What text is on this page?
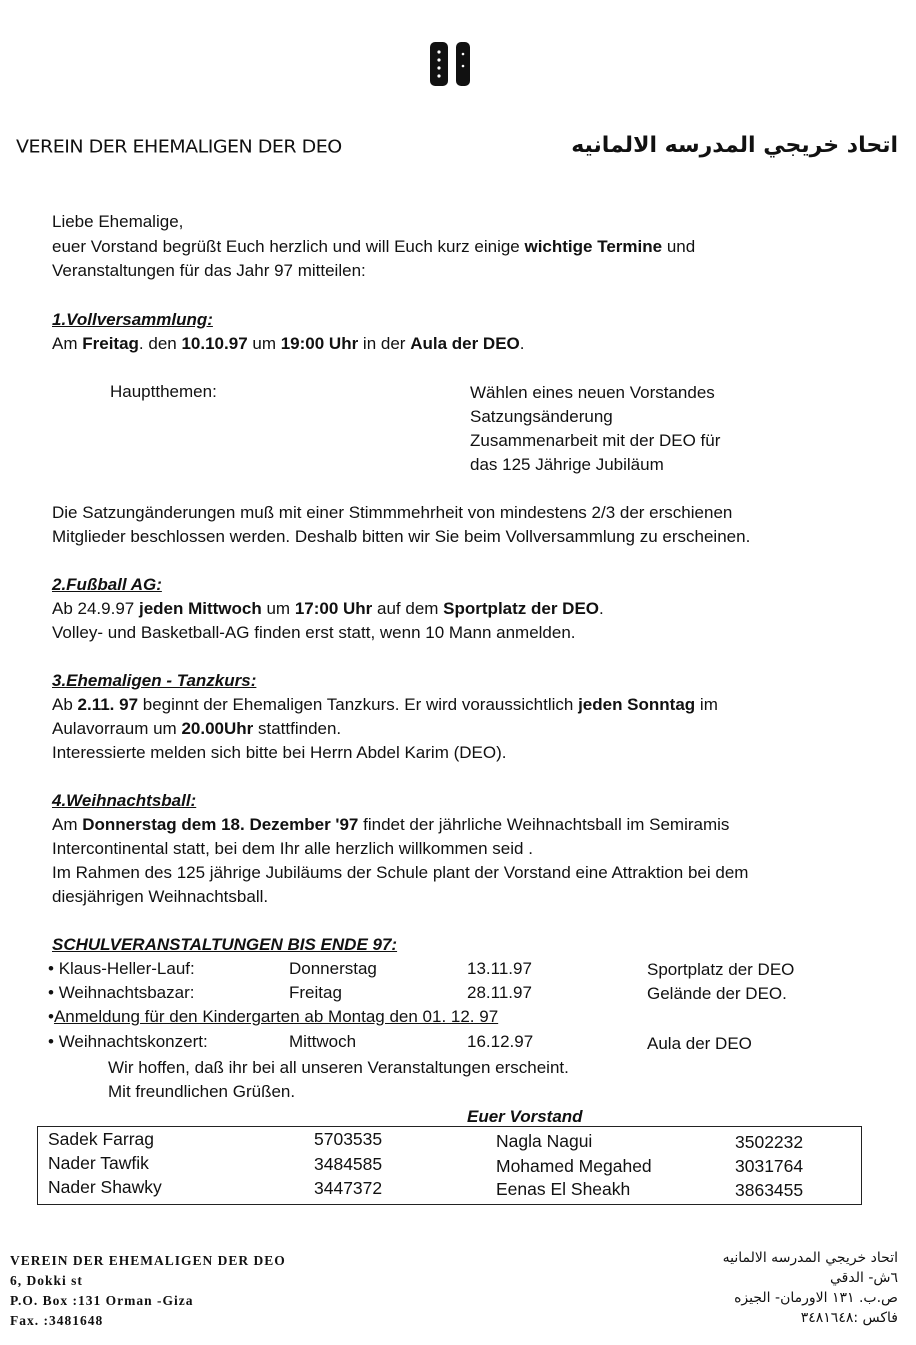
VEREIN DER EHEMALIGEN DER DEO	اتحاد خريجي المدرسه الالمانيه
Liebe Ehemalige,
euer Vorstand begrüßt Euch herzlich und will Euch kurz einige wichtige Termine und
Veranstaltungen für das Jahr 97 mitteilen:
1.Vollversammlung:
Am Freitag. den 10.10.97 um 19:00 Uhr in der Aula der DEO.
Hauptthemen:	Wählen eines neuen Vorstandes
Satzungsänderung
Zusammenarbeit mit der DEO für
das 125 Jährige Jubiläum
Die Satzungänderungen muß mit einer Stimmmehrheit von mindestens 2/3 der erschienen
Mitglieder beschlossen werden. Deshalb bitten wir Sie beim Vollversammlung zu erscheinen.
2.Fußball AG:
Ab 24.9.97 jeden Mittwoch um 17:00 Uhr auf dem Sportplatz der DEO.
Volley- und Basketball-AG finden erst statt, wenn 10 Mann anmelden.
3.Ehemaligen - Tanzkurs:
Ab 2.11. 97 beginnt der Ehemaligen Tanzkurs. Er wird voraussichtlich jeden Sonntag im
Aulavorraum um 20.00Uhr stattfinden.
Interessierte melden sich bitte bei Herrn Abdel Karim (DEO).
4.Weihnachtsball:
Am Donnerstag dem 18. Dezember '97 findet der jährliche Weihnachtsball im Semiramis
Intercontinental statt, bei dem Ihr alle herzlich willkommen seid .
Im Rahmen des 125 jährige Jubiläums der Schule plant der Vorstand eine Attraktion bei dem
diesjährigen Weihnachtsball.
SCHULVERANSTALTUNGEN BIS ENDE 97:
• Klaus-Heller-Lauf:	Donnerstag	13.11.97	Sportplatz der DEO
• Weihnachtsbazar:	Freitag	28.11.97	Gelände der DEO.
•Anmeldung für den Kindergarten ab Montag den 01. 12. 97
• Weihnachtskonzert:	Mittwoch	16.12.97	Aula der DEO
Wir hoffen, daß ihr bei all unseren Veranstaltungen erscheint.
Mit freundlichen Grüßen.
Euer Vorstand
Sadek Farrag	5703535	Nagla Nagui	3502232
Nader Tawfik	3484585	Mohamed Megahed	3031764
Nader Shawky	3447372	Eenas El Sheakh	3863455
VEREIN DER EHEMALIGEN DER DEO
6, Dokki st
P.O. Box :131 Orman -Giza
Fax. :3481648
اتحاد خريجي المدرسه الالمانيه
٦ش- الدقي
ص.ب. ١٣١ الاورمان- الجيزه
فاكس :٣٤٨١٦٤٨
